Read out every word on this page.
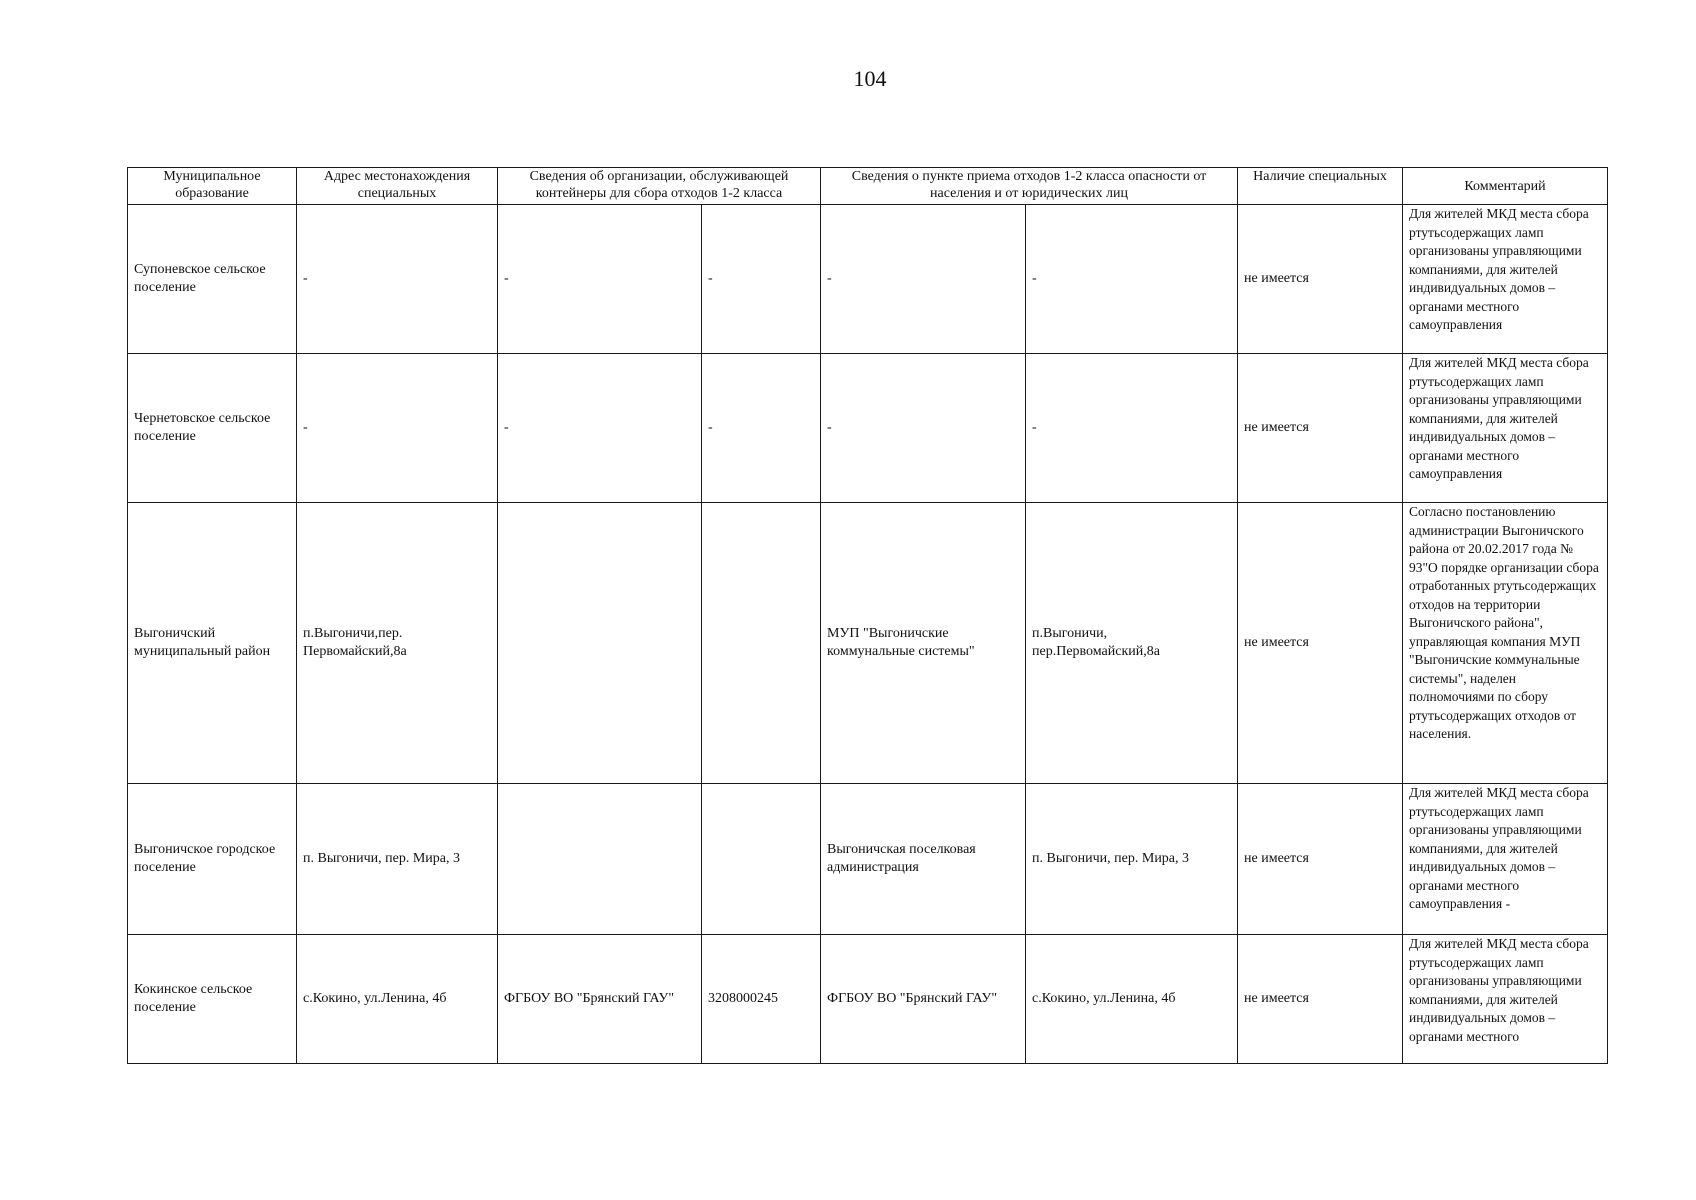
104
Муниципальное образование	Адрес местонахождения специальных	Сведения об организации, обслуживающей контейнеры для сбора отходов 1-2 класса		Сведения о пункте приема отходов 1-2 класса опасности от населения и от юридических лиц		Наличие специальных	Комментарий
Супоневское сельское поселение	-	-	-	-	-	не имеется	Для жителей МКД места сбора ртутьсодержащих ламп организованы управляющими компаниями, для жителей индивидуальных домов – органами местного самоуправления
Чернетовское сельское поселение	-	-	-	-	-	не имеется	Для жителей МКД места сбора ртутьсодержащих ламп организованы управляющими компаниями, для жителей индивидуальных домов – органами местного самоуправления
Выгоничский муниципальный район	п.Выгоничи,пер. Первомайский,8а			МУП "Выгоничские коммунальные системы"	п.Выгоничи, пер.Первомайский,8а	не имеется	Согласно постановлению администрации Выгоничского района от 20.02.2017 года № 93"О порядке организации сбора отработанных ртутьсодержащих отходов на территории Выгоничского района", управляющая компания МУП "Выгоничские коммунальные системы", наделен полномочиями по сбору ртутьсодержащих отходов от населения.
Выгоничское городское поселение	п. Выгоничи, пер. Мира, 3			Выгоничская поселковая администрация	п. Выгоничи, пер. Мира, 3	не имеется	Для жителей МКД места сбора ртутьсодержащих ламп организованы управляющими компаниями, для жителей индивидуальных домов – органами местного самоуправления -
Кокинское сельское поселение	с.Кокино, ул.Ленина, 4б	ФГБОУ ВО "Брянский ГАУ"	3208000245	ФГБОУ ВО "Брянский ГАУ"	с.Кокино, ул.Ленина, 4б	не имеется	Для жителей МКД места сбора ртутьсодержащих ламп организованы управляющими компаниями, для жителей индивидуальных домов – органами местного
